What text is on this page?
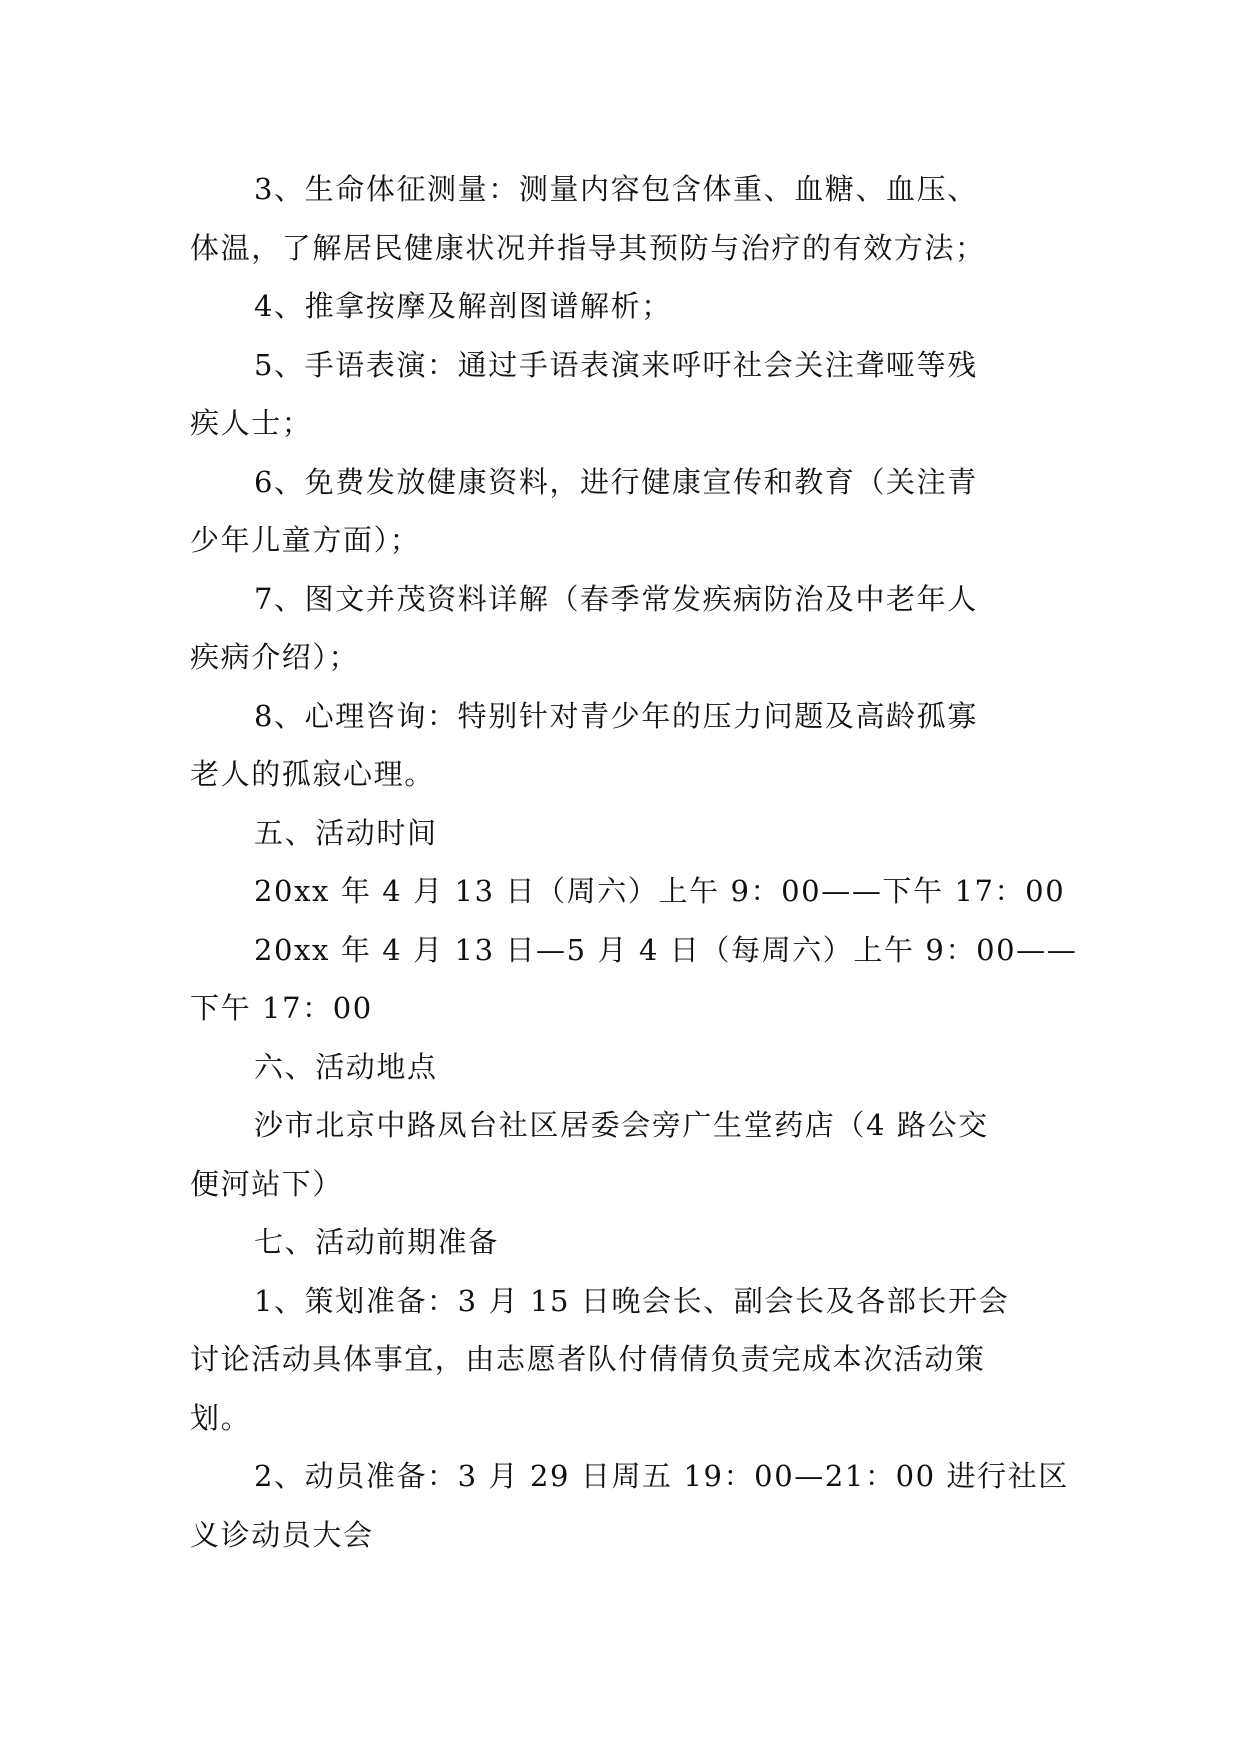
3、生命体征测量：测量内容包含体重、血糖、血压、
体温，了解居民健康状况并指导其预防与治疗的有效方法；
4、推拿按摩及解剖图谱解析；
5、手语表演：通过手语表演来呼吁社会关注聋哑等残
疾人士；
6、免费发放健康资料，进行健康宣传和教育（关注青
少年儿童方面）；
7、图文并茂资料详解（春季常发疾病防治及中老年人
疾病介绍）；
8、心理咨询：特别针对青少年的压力问题及高龄孤寡
老人的孤寂心理。
五、活动时间
20xx 年 4 月 13 日（周六）上午 9：00——下午 17：00
20xx 年 4 月 13 日—5 月 4 日（每周六）上午 9：00——
下午 17：00
六、活动地点
沙市北京中路凤台社区居委会旁广生堂药店（4 路公交
便河站下）
七、活动前期准备
1、策划准备：3 月 15 日晚会长、副会长及各部长开会
讨论活动具体事宜，由志愿者队付倩倩负责完成本次活动策
划。
2、动员准备：3 月 29 日周五 19：00—21：00 进行社区
义诊动员大会
